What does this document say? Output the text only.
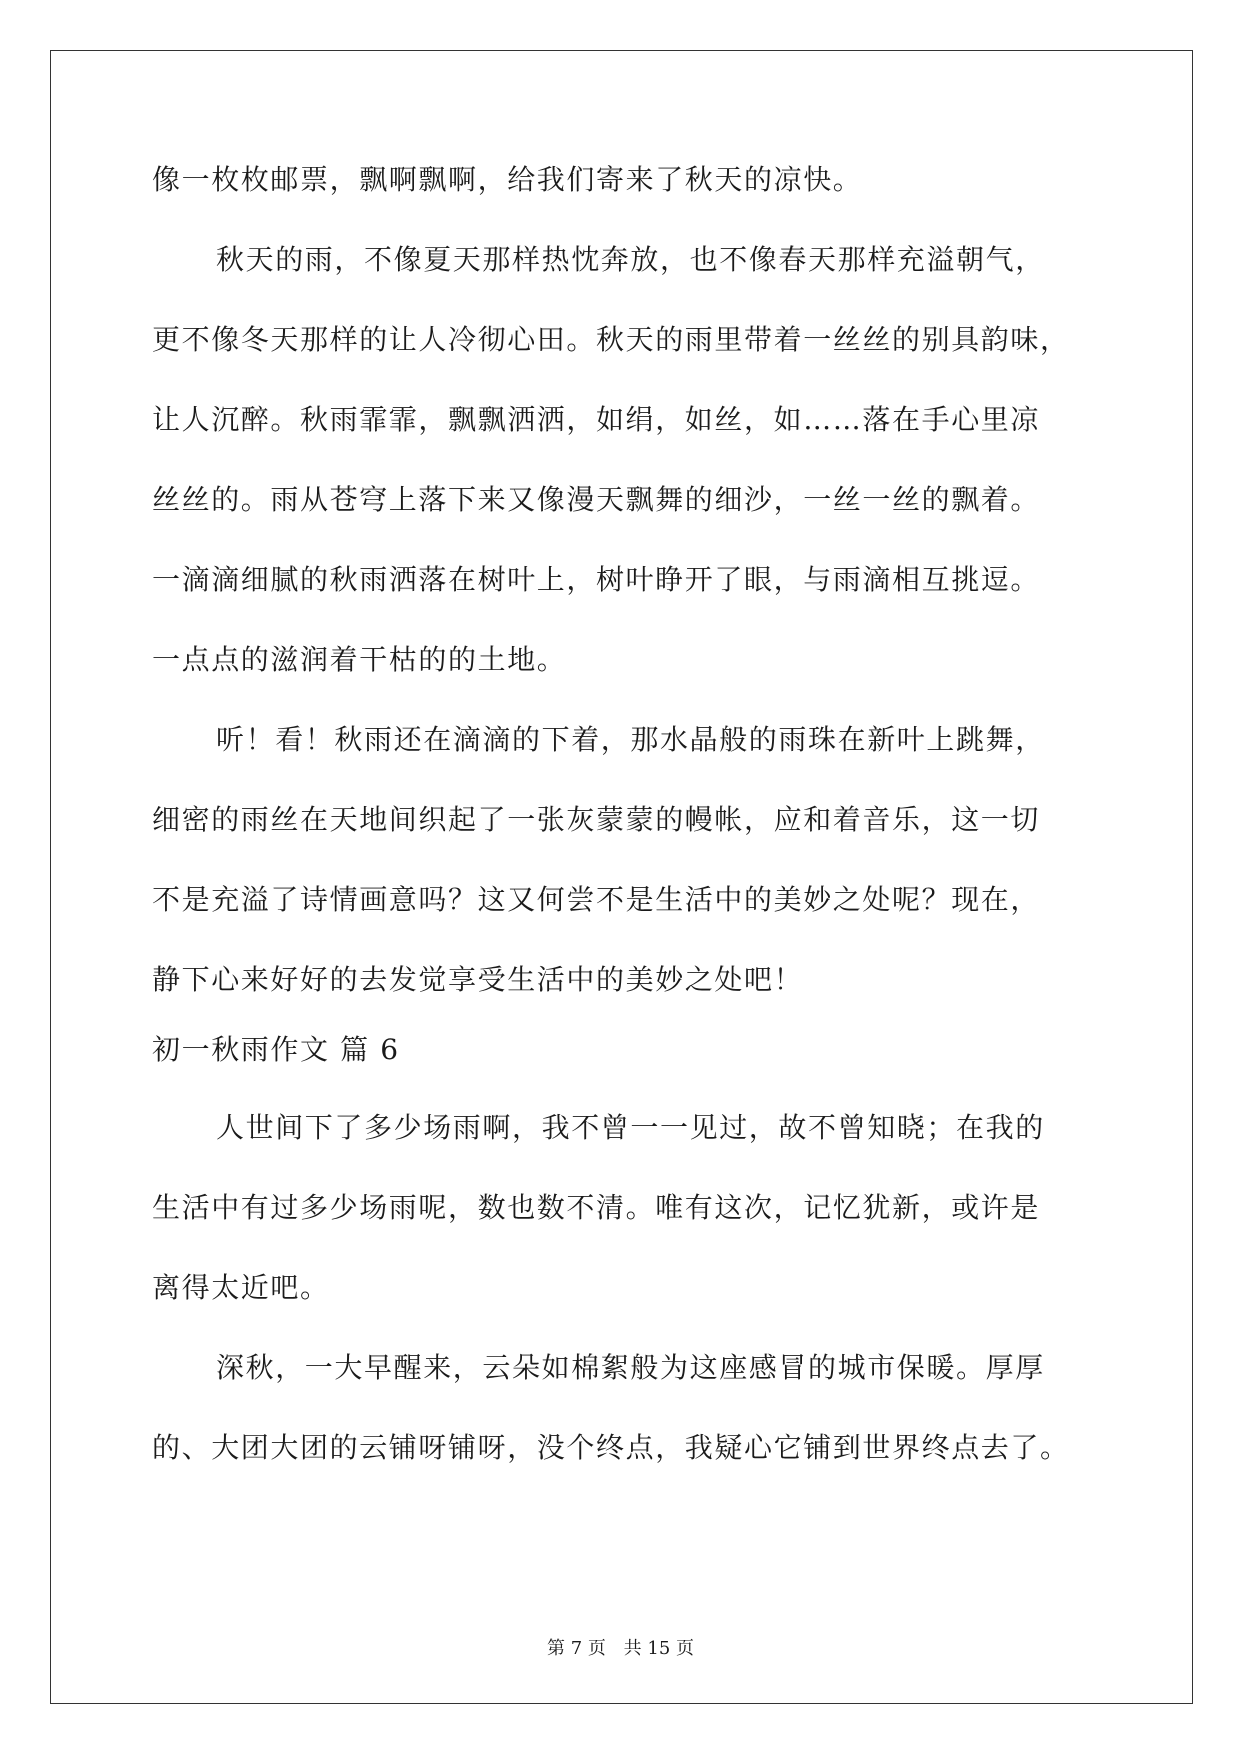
像一枚枚邮票，飘啊飘啊，给我们寄来了秋天的凉快。
秋天的雨，不像夏天那样热忱奔放，也不像春天那样充溢朝气，
更不像冬天那样的让人冷彻心田。秋天的雨里带着一丝丝的别具韵味，
让人沉醉。秋雨霏霏，飘飘洒洒，如绢，如丝，如……落在手心里凉
丝丝的。雨从苍穹上落下来又像漫天飘舞的细沙，一丝一丝的飘着。
一滴滴细腻的秋雨洒落在树叶上，树叶睁开了眼，与雨滴相互挑逗。
一点点的滋润着干枯的的土地。
听！看！秋雨还在滴滴的下着，那水晶般的雨珠在新叶上跳舞，
细密的雨丝在天地间织起了一张灰蒙蒙的幔帐，应和着音乐，这一切
不是充溢了诗情画意吗？这又何尝不是生活中的美妙之处呢？现在，
静下心来好好的去发觉享受生活中的美妙之处吧！
初一秋雨作文 篇 6
人世间下了多少场雨啊，我不曾一一见过，故不曾知晓；在我的
生活中有过多少场雨呢，数也数不清。唯有这次，记忆犹新，或许是
离得太近吧。
深秋，一大早醒来，云朵如棉絮般为这座感冒的城市保暖。厚厚
的、大团大团的云铺呀铺呀，没个终点，我疑心它铺到世界终点去了。
第 7 页 共 15 页
